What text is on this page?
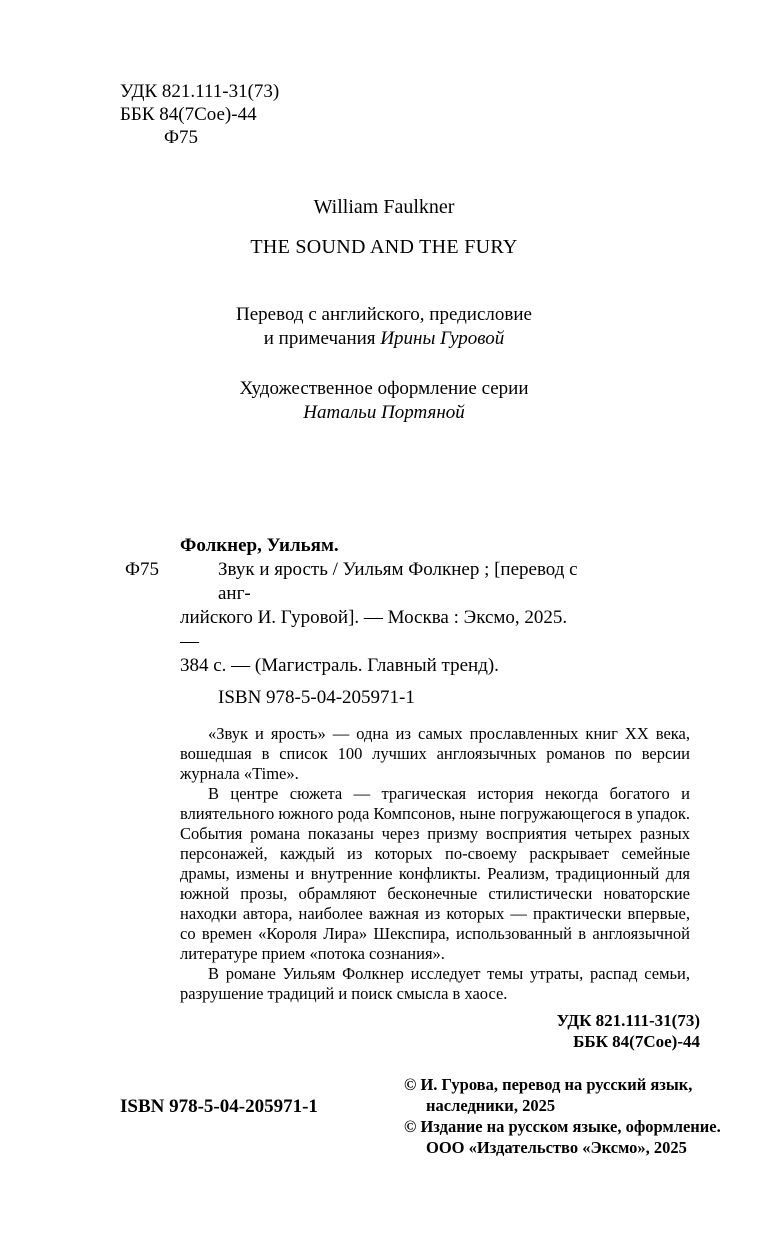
УДК 821.111-31(73)
ББК 84(7Сое)-44
Ф75
William Faulkner
THE SOUND AND THE FURY
Перевод с английского, предисловие
и примечания Ирины Гуровой
Художественное оформление серии
Натальи Портяной
Ф75
Фолкнер, Уильям.
Звук и ярость / Уильям Фолкнер ; [перевод с анг-
лийского И. Гуровой]. — Москва : Эксмо, 2025. —
384 с. — (Магистраль. Главный тренд).
ISBN 978-5-04-205971-1

«Звук и ярость» — одна из самых прославленных книг XX века, вошедшая в список 100 лучших англоязычных романов по версии журнала «Time».

В центре сюжета — трагическая история некогда богатого и влиятельного южного рода Компсонов, ныне погружающегося в упадок. События романа показаны через призму восприятия четырех разных персонажей, каждый из которых по-своему раскрывает семейные драмы, измены и внутренние конфликты. Реализм, традиционный для южной прозы, обрамляют бесконечные стилистически новаторские находки автора, наиболее важная из которых — практически впервые, со времен «Короля Лира» Шекспира, использованный в англоязычной литературе прием «потока сознания».

В романе Уильям Фолкнер исследует темы утраты, распад семьи, разрушение традиций и поиск смысла в хаосе.

УДК 821.111-31(73)
ББК 84(7Сое)-44
© И. Гурова, перевод на русский язык,
наследники, 2025
© Издание на русском языке, оформление.
ООО «Издательство «Эксмо», 2025
ISBN 978-5-04-205971-1
